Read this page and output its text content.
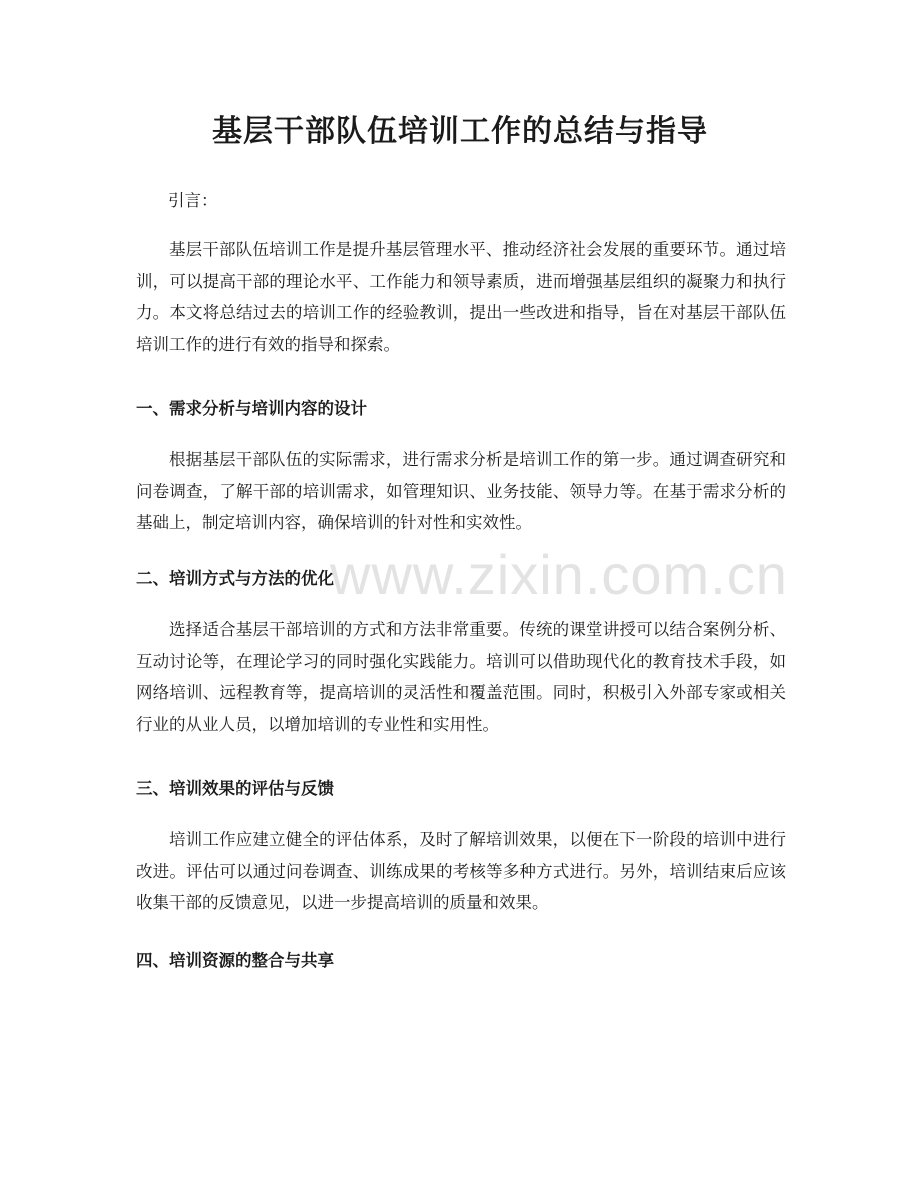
基层干部队伍培训工作的总结与指导

引言：

基层干部队伍培训工作是提升基层管理水平、推动经济社会发展的重要环节。通过培训，可以提高干部的理论水平、工作能力和领导素质，进而增强基层组织的凝聚力和执行力。本文将总结过去的培训工作的经验教训，提出一些改进和指导，旨在对基层干部队伍培训工作的进行有效的指导和探索。

一、需求分析与培训内容的设计

根据基层干部队伍的实际需求，进行需求分析是培训工作的第一步。通过调查研究和问卷调查，了解干部的培训需求，如管理知识、业务技能、领导力等。在基于需求分析的基础上，制定培训内容，确保培训的针对性和实效性。

二、培训方式与方法的优化

选择适合基层干部培训的方式和方法非常重要。传统的课堂讲授可以结合案例分析、互动讨论等，在理论学习的同时强化实践能力。培训可以借助现代化的教育技术手段，如网络培训、远程教育等，提高培训的灵活性和覆盖范围。同时，积极引入外部专家或相关行业的从业人员，以增加培训的专业性和实用性。

三、培训效果的评估与反馈

培训工作应建立健全的评估体系，及时了解培训效果，以便在下一阶段的培训中进行改进。评估可以通过问卷调查、训练成果的考核等多种方式进行。另外，培训结束后应该收集干部的反馈意见，以进一步提高培训的质量和效果。

四、培训资源的整合与共享
www.zixin.com.cn
